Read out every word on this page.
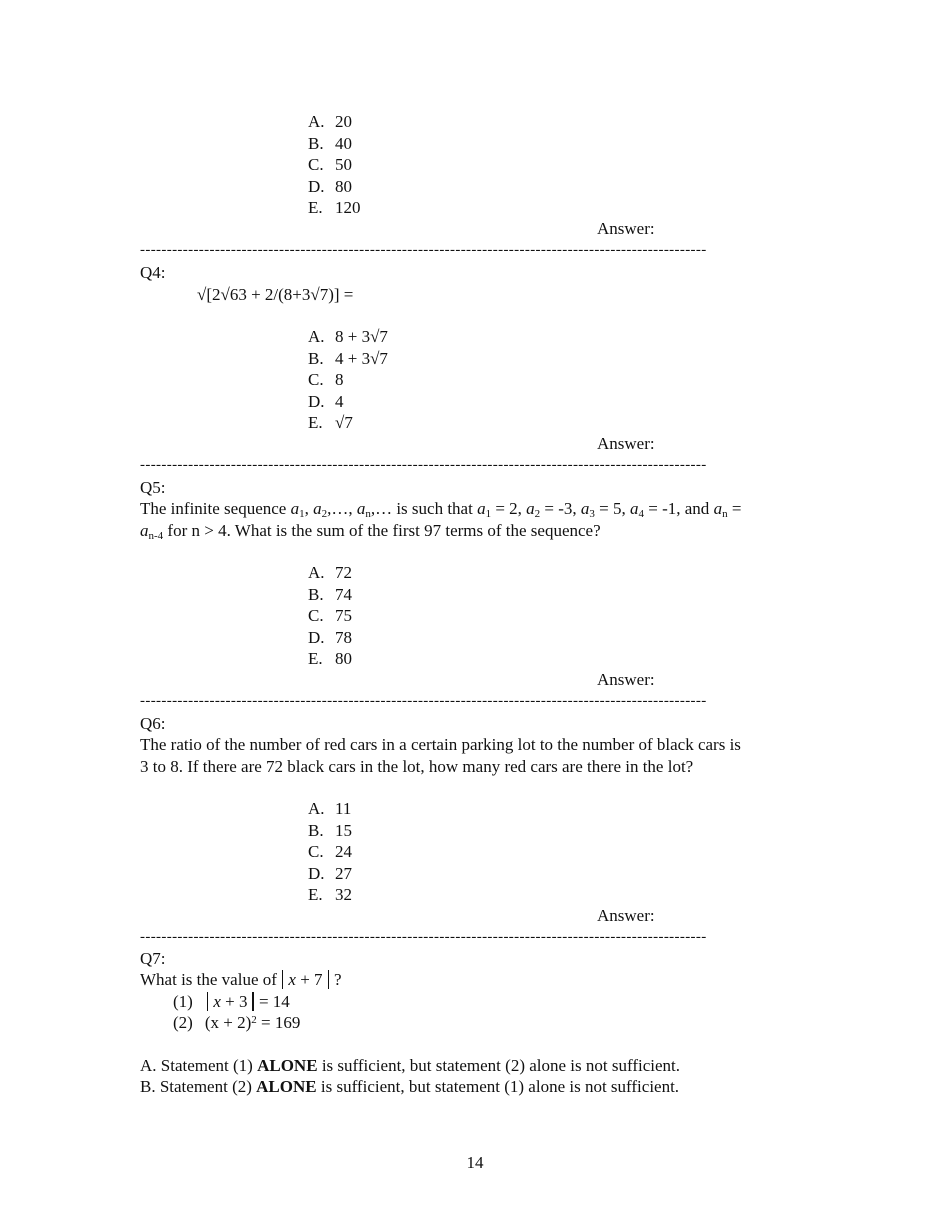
A. 20
B. 40
C. 50
D. 80
E. 120
Answer:
----------------------------------------------------------------------------------------------------------
Q4:
√[2√63 + 2/(8+3√7)] =
A. 8 + 3√7
B. 4 + 3√7
C. 8
D. 4
E. √7
Answer:
----------------------------------------------------------------------------------------------------------
Q5:
The infinite sequence $a_1$, $a_2,\dots$, $a_n,\dots$ is such that $a_1 = 2$, $a_2 = -3$, $a_3 = 5$, $a_4 = -1$, and $a_n$ =
$a_{n-4}$ for n > 4. What is the sum of the first 97 terms of the sequence?
A. 72
B. 74
C. 75
D. 78
E. 80
Answer:
----------------------------------------------------------------------------------------------------------
Q6:
The ratio of the number of red cars in a certain parking lot to the number of black cars is
3 to 8. If there are 72 black cars in the lot, how many red cars are there in the lot?
A. 11
B. 15
C. 24
D. 27
E. 32
Answer:
----------------------------------------------------------------------------------------------------------
Q7:
What is the value of x + 7 ?
(1) x + 3 = 14
(2) $(x + 2)^2 = 169$
A. Statement (1) ALONE is sufficient, but statement (2) alone is not sufficient.
B. Statement (2) ALONE is sufficient, but statement (1) alone is not sufficient.
14
